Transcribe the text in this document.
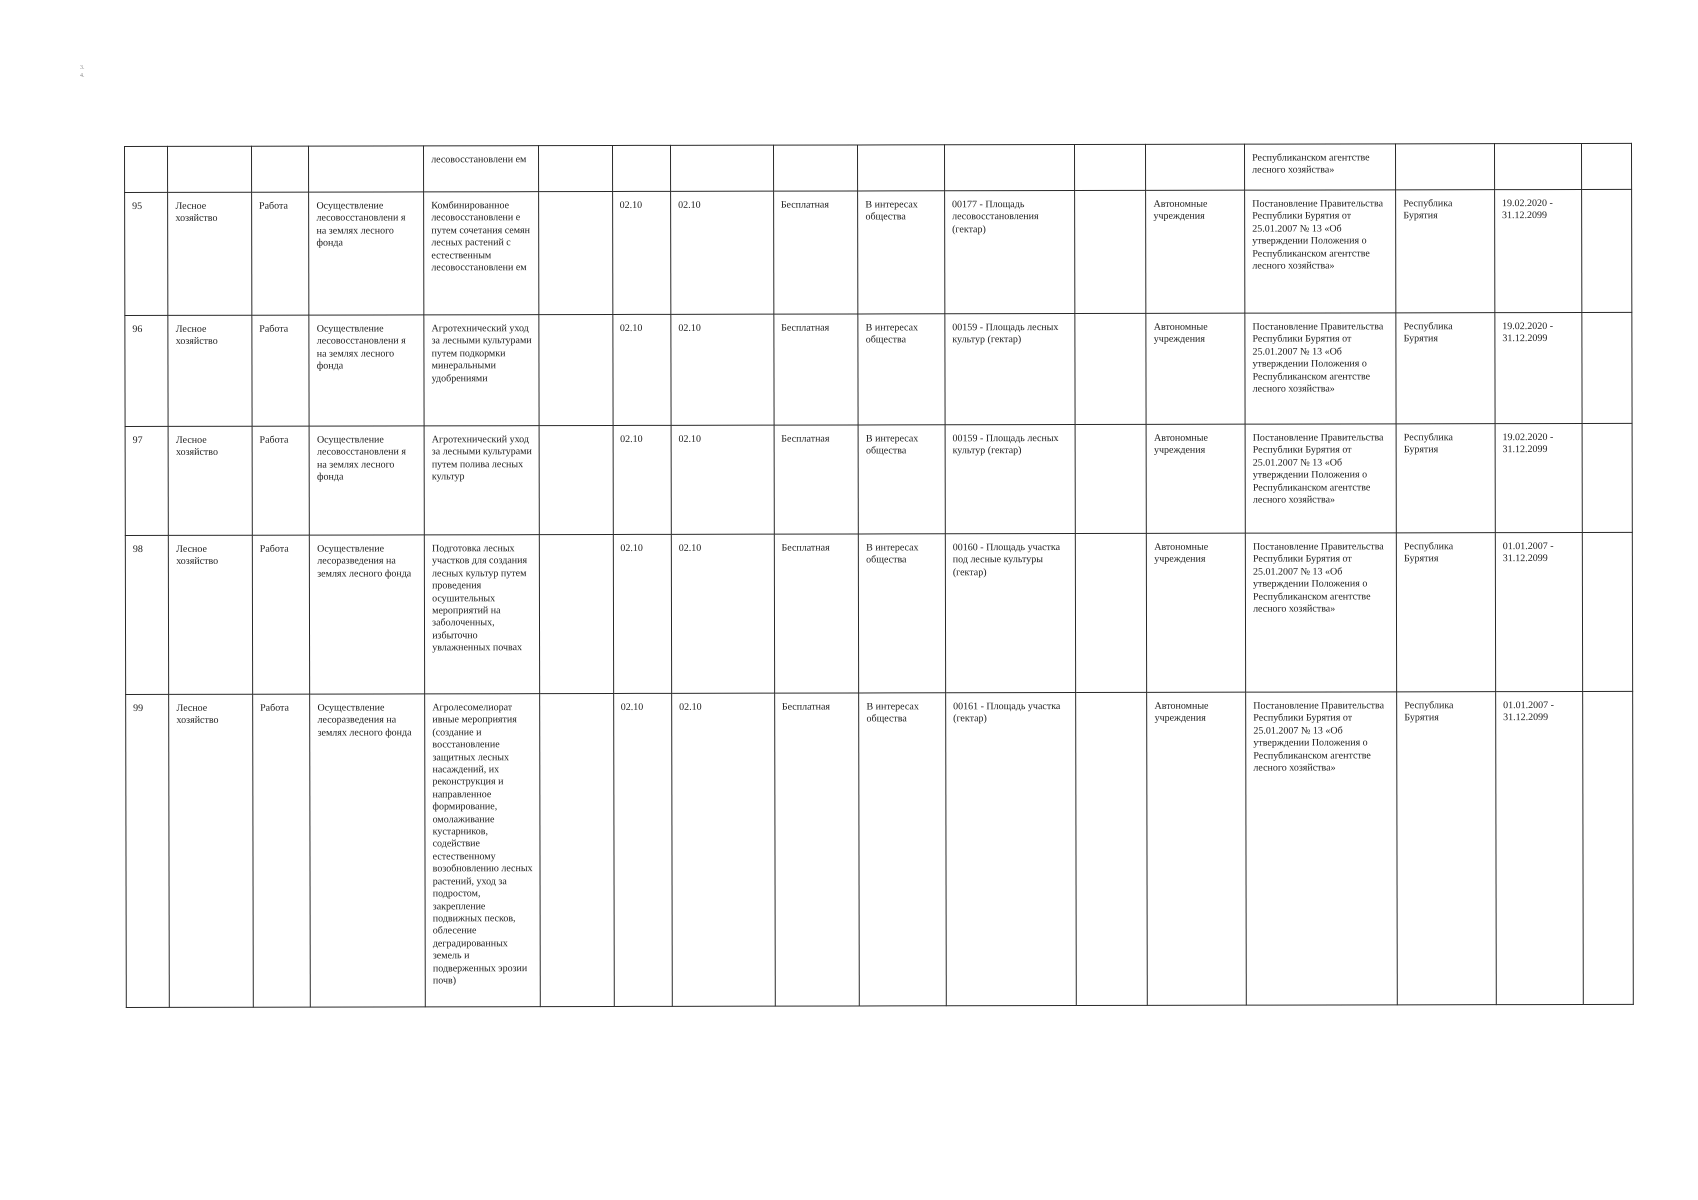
3.
4.
				лесовосстановлени ем									Республиканском агентстве лесного хозяйства»			
95	Лесное хозяйство	Работа	Осуществление лесовосстановлени я на землях лесного фонда	Комбинированное лесовосстановлени е путем сочетания семян лесных растений с естественным лесовосстановлени ем		02.10	02.10	Бесплатная	В интересах общества	00177 - Площадь лесовосстановления (гектар)		Автономные учреждения	Постановление Правительства Республики Бурятия от 25.01.2007 № 13 «Об утверждении Положения о Республиканском агентстве лесного хозяйства»	Республика Бурятия	19.02.2020 - 31.12.2099	
96	Лесное хозяйство	Работа	Осуществление лесовосстановлени я на землях лесного фонда	Агротехнический уход за лесными культурами путем подкормки минеральными удобрениями		02.10	02.10	Бесплатная	В интересах общества	00159 - Площадь лесных культур (гектар)		Автономные учреждения	Постановление Правительства Республики Бурятия от 25.01.2007 № 13 «Об утверждении Положения о Республиканском агентстве лесного хозяйства»	Республика Бурятия	19.02.2020 - 31.12.2099	
97	Лесное хозяйство	Работа	Осуществление лесовосстановлени я на землях лесного фонда	Агротехнический уход за лесными культурами путем полива лесных культур		02.10	02.10	Бесплатная	В интересах общества	00159 - Площадь лесных культур (гектар)		Автономные учреждения	Постановление Правительства Республики Бурятия от 25.01.2007 № 13 «Об утверждении Положения о Республиканском агентстве лесного хозяйства»	Республика Бурятия	19.02.2020 - 31.12.2099	
98	Лесное хозяйство	Работа	Осуществление лесоразведения на землях лесного фонда	Подготовка лесных участков для создания лесных культур путем проведения осушительных мероприятий на заболоченных, избыточно увлажненных почвах		02.10	02.10	Бесплатная	В интересах общества	00160 - Площадь участка под лесные культуры (гектар)		Автономные учреждения	Постановление Правительства Республики Бурятия от 25.01.2007 № 13 «Об утверждении Положения о Республиканском агентстве лесного хозяйства»	Республика Бурятия	01.01.2007 - 31.12.2099	
99	Лесное хозяйство	Работа	Осуществление лесоразведения на землях лесного фонда	Агролесомелиорат ивные мероприятия (создание и восстановление защитных лесных насаждений, их реконструкция и направленное формирование, омолаживание кустарников, содействие естественному возобновлению лесных растений, уход за подростом, закрепление подвижных песков, облесение деградированных земель и подверженных эрозии почв)		02.10	02.10	Бесплатная	В интересах общества	00161 - Площадь участка (гектар)		Автономные учреждения	Постановление Правительства Республики Бурятия от 25.01.2007 № 13 «Об утверждении Положения о Республиканском агентстве лесного хозяйства»	Республика Бурятия	01.01.2007 - 31.12.2099	
